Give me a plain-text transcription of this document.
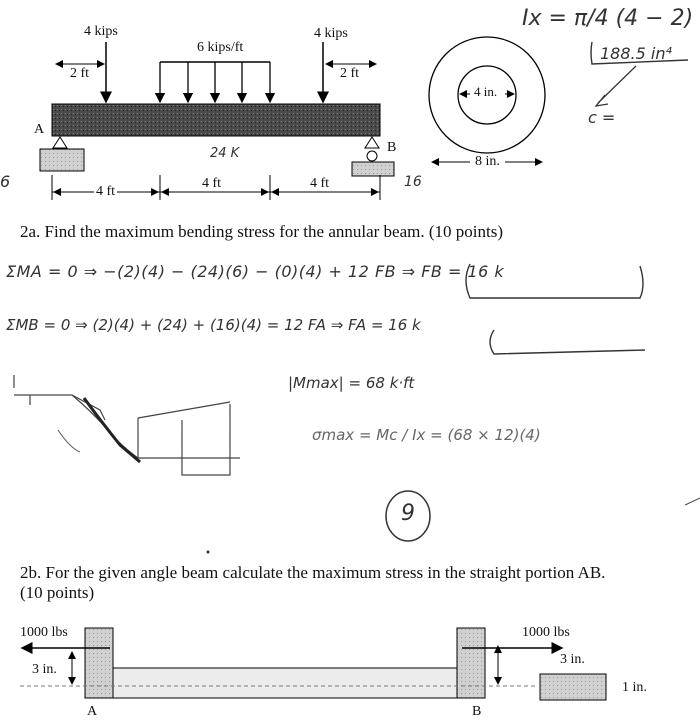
4 kips
6 kips/ft
4 kips
2 ft	2 ft
A
B
4 ft
4 ft	4 ft
4 in.
8 in.
2a. Find the maximum bending stress for the annular beam. (10 points)
2b. For the given angle beam calculate the maximum stress in the straight portion AB.
(10 points)
1000 lbs	1000 lbs
3 in.
3 in.
1 in.
A	B
Ix = π/4 (4 − 2)
188.5 in⁴
c =
ΣMA = 0 ⇒ −(2)(4) − (24)(6) − (0)(4) + 12 FB ⇒ FB = 16 k
ΣMB = 0 ⇒ (2)(4) + (24) + (16)(4) = 12 FA ⇒ FA = 16 k
|Mmax| = 68 k·ft
σmax = Mc / Ix = (68 × 12)(4)
9
6	16
24 K
